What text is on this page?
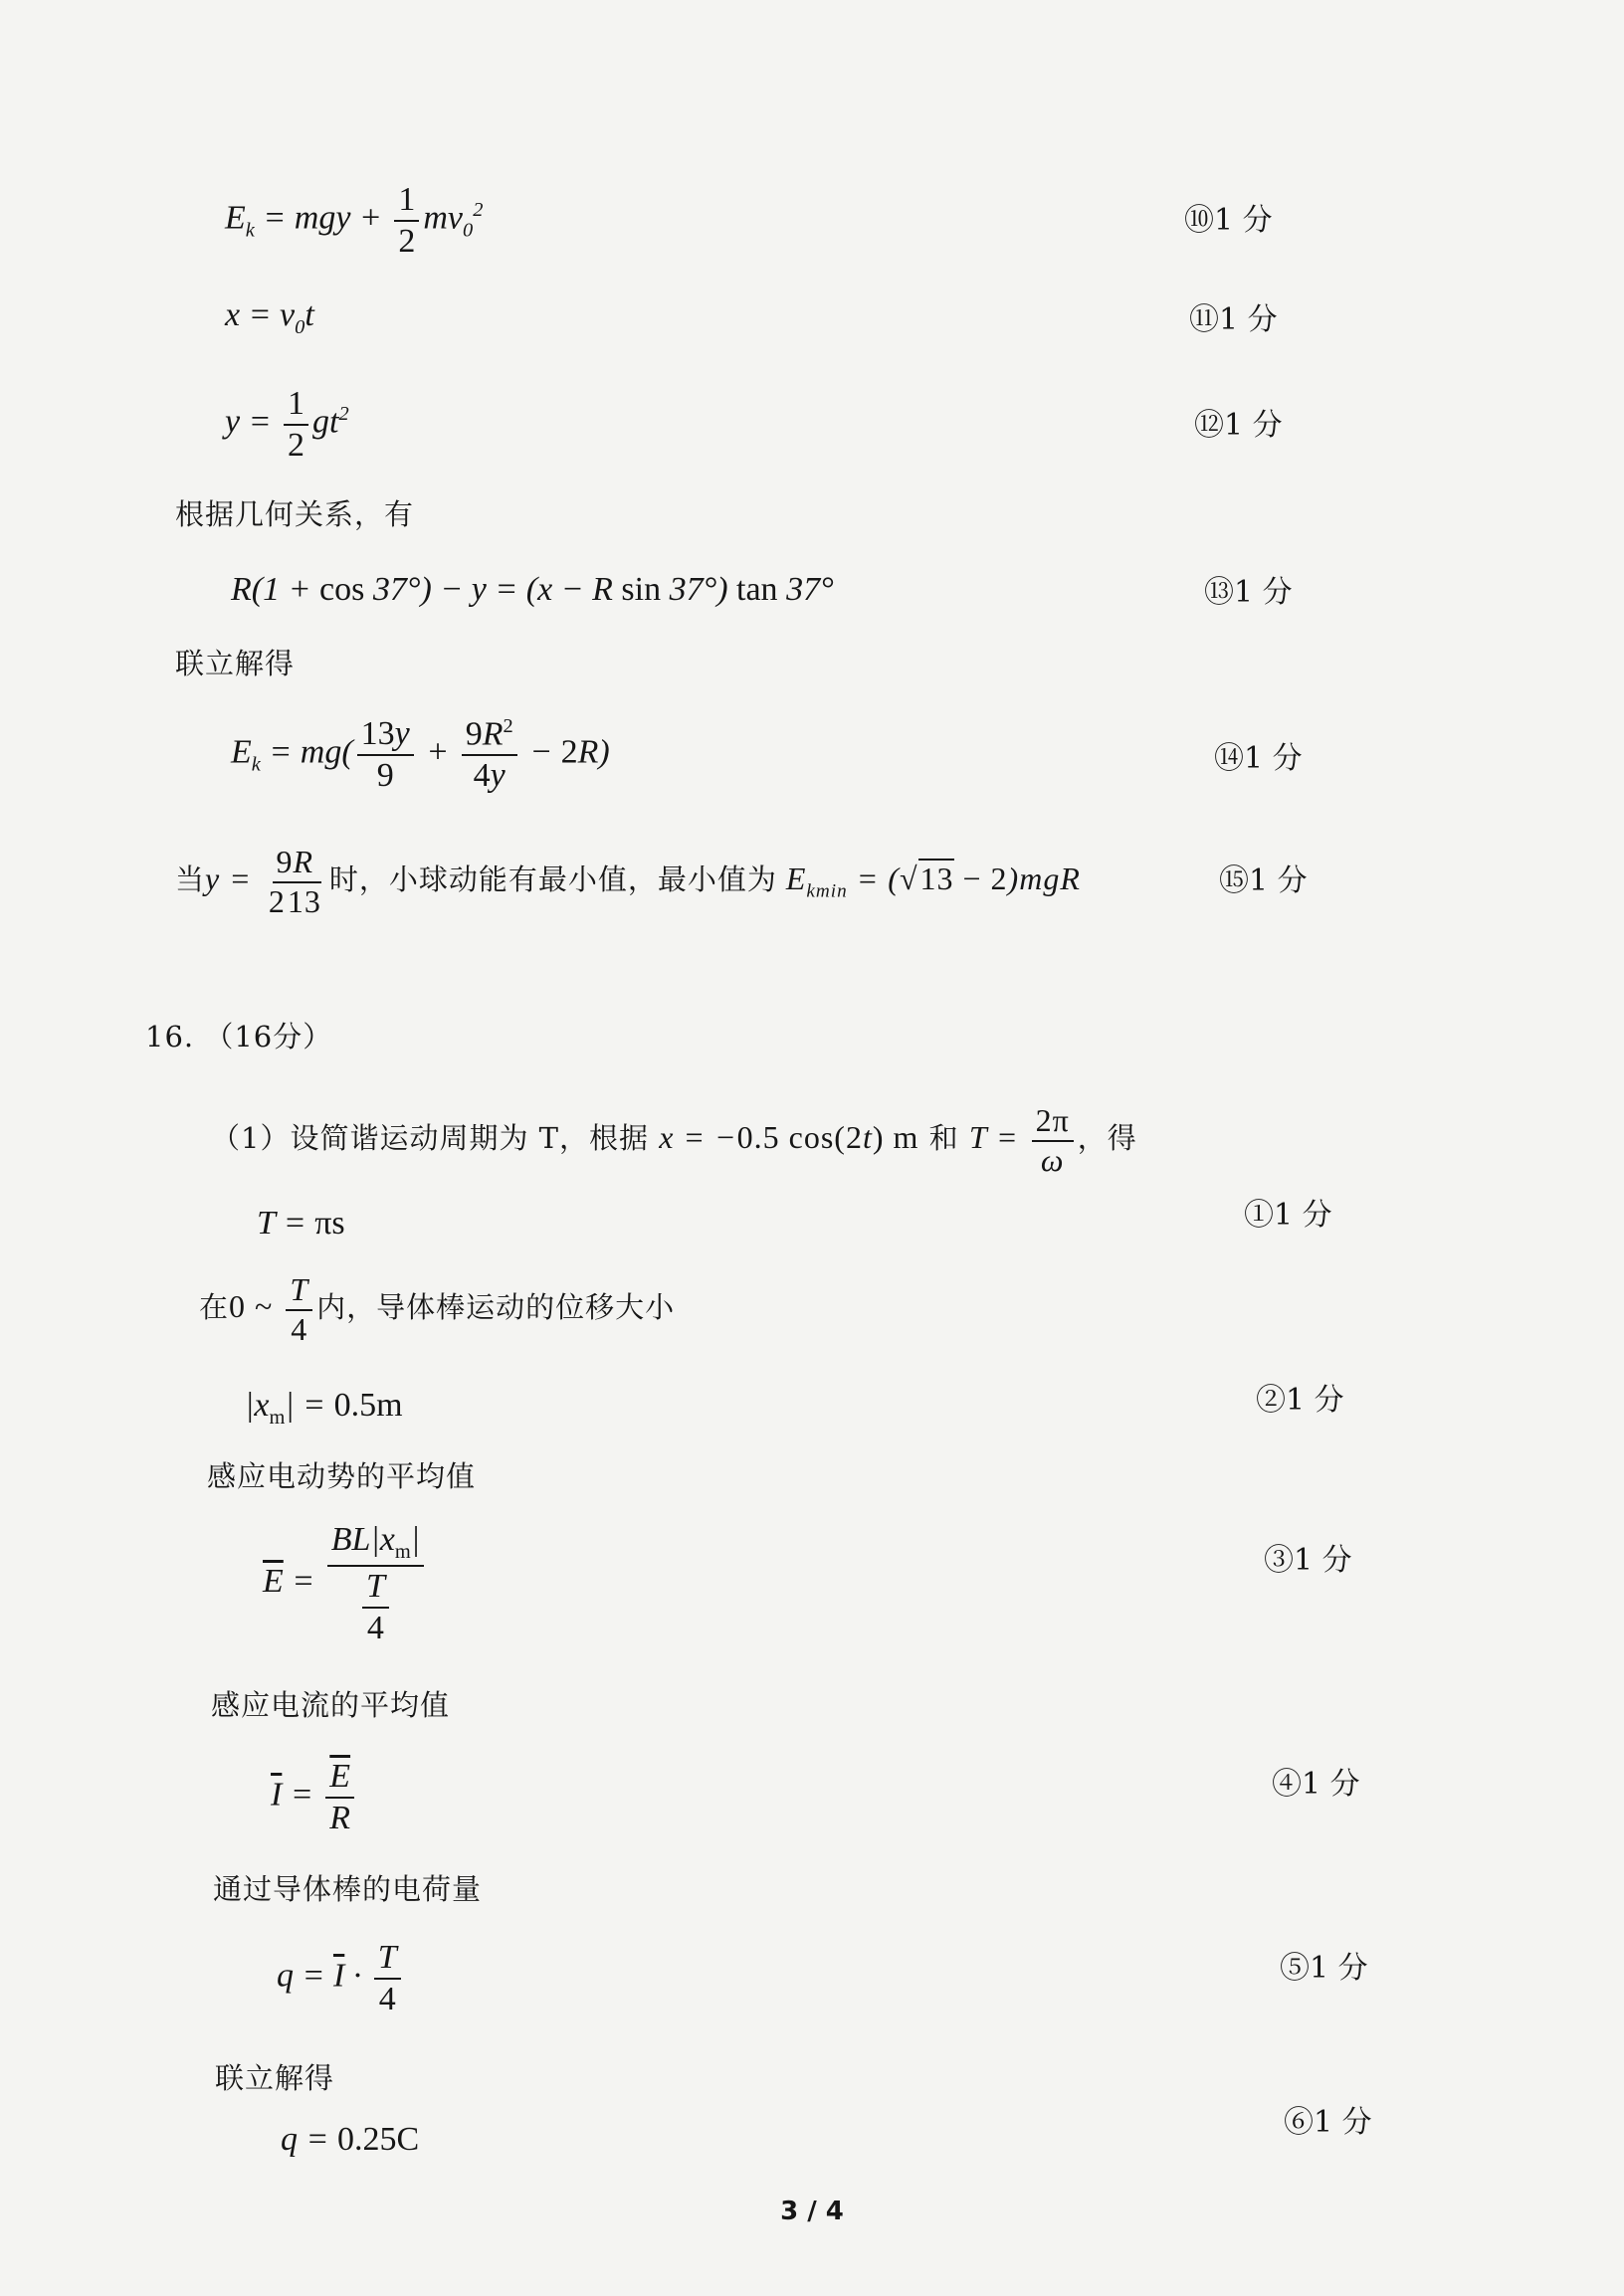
$E_k$ = mgy + $\frac{1}{2} mv_0^2$	⑩1 分
$x = v_0t$	⑪1 分
$y = \frac{1}{2} gt^2$	⑫1 分
根据几何关系，有
R(1 + cos 37°) − y = (x − R sin 37°) tan 37°	⑬1 分
联立解得
$E_k = mg( \frac{13y}{9} + \frac{9R^2}{4y} - 2R)$	⑭1 分
当$y = \frac{9R}{213}$ 时，小球动能有最小值，最小值为 $E_{kmin} = (√13 - 2)mgR$	⑮1 分
16. （16分）
（1）设简谐运动周期为 T，根据 x = −0.5 cos(2t) m 和 $T = \frac{2\pi}{\omega}$ ，得
T = πs	①1 分
在0 ~ $\frac{T}{4}$ 内，导体棒运动的位移大小
$|x_m| = 0.5m$	②1 分
感应电动势的平均值
$\overline{E} = \frac{BL|x_m|}{\frac{T}{4}}$	③1 分
感应电流的平均值
$\overline{I} = \frac{\overline{E}}{R}$	④1 分
通过导体棒的电荷量
$q = \overline{I} \cdot \frac{T}{4}$	⑤1 分
联立解得
q = 0.25C	⑥1 分
3 / 4
